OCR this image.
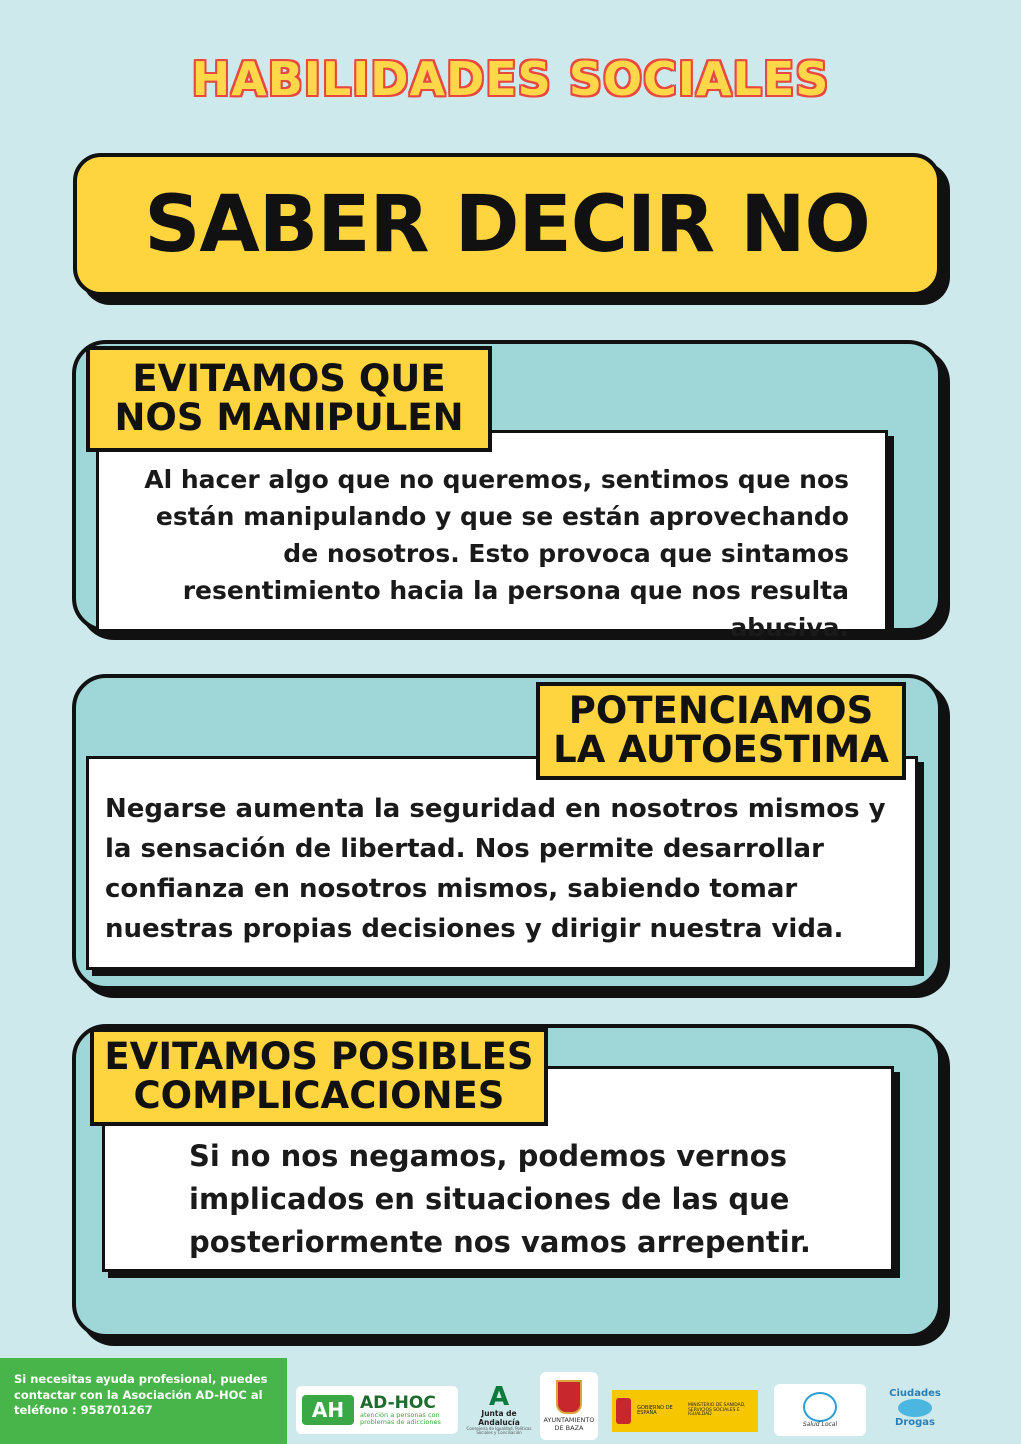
HABILIDADES SOCIALES
SABER DECIR NO
Al hacer algo que no queremos, sentimos que nos están manipulando y que se están aprovechando de nosotros. Esto provoca que sintamos resentimiento hacia la persona que nos resulta abusiva.
EVITAMOS QUE
NOS MANIPULEN
Negarse aumenta la seguridad en nosotros mismos y la sensación de libertad. Nos permite desarrollar confianza en nosotros mismos, sabiendo tomar nuestras propias decisiones y dirigir nuestra vida.
POTENCIAMOS
LA AUTOESTIMA
Si no nos negamos, podemos vernos implicados en situaciones de las que posteriormente nos vamos arrepentir.
EVITAMOS POSIBLES
COMPLICACIONES
Si necesitas ayuda profesional, puedes contactar con la Asociación AD-HOC al teléfono : 958701267	AH AD-HOC
atención a personas con problemas de adicciones
A
Junta de Andalucía
Consejería de Igualdad, Políticas Sociales y Conciliación
AYUNTAMIENTO DE BAZA
GOBIERNO DE ESPAÑA
MINISTERIO DE SANIDAD, SERVICIOS SOCIALES E IGUALDAD
Salud Local
Ciudades
Drogas
